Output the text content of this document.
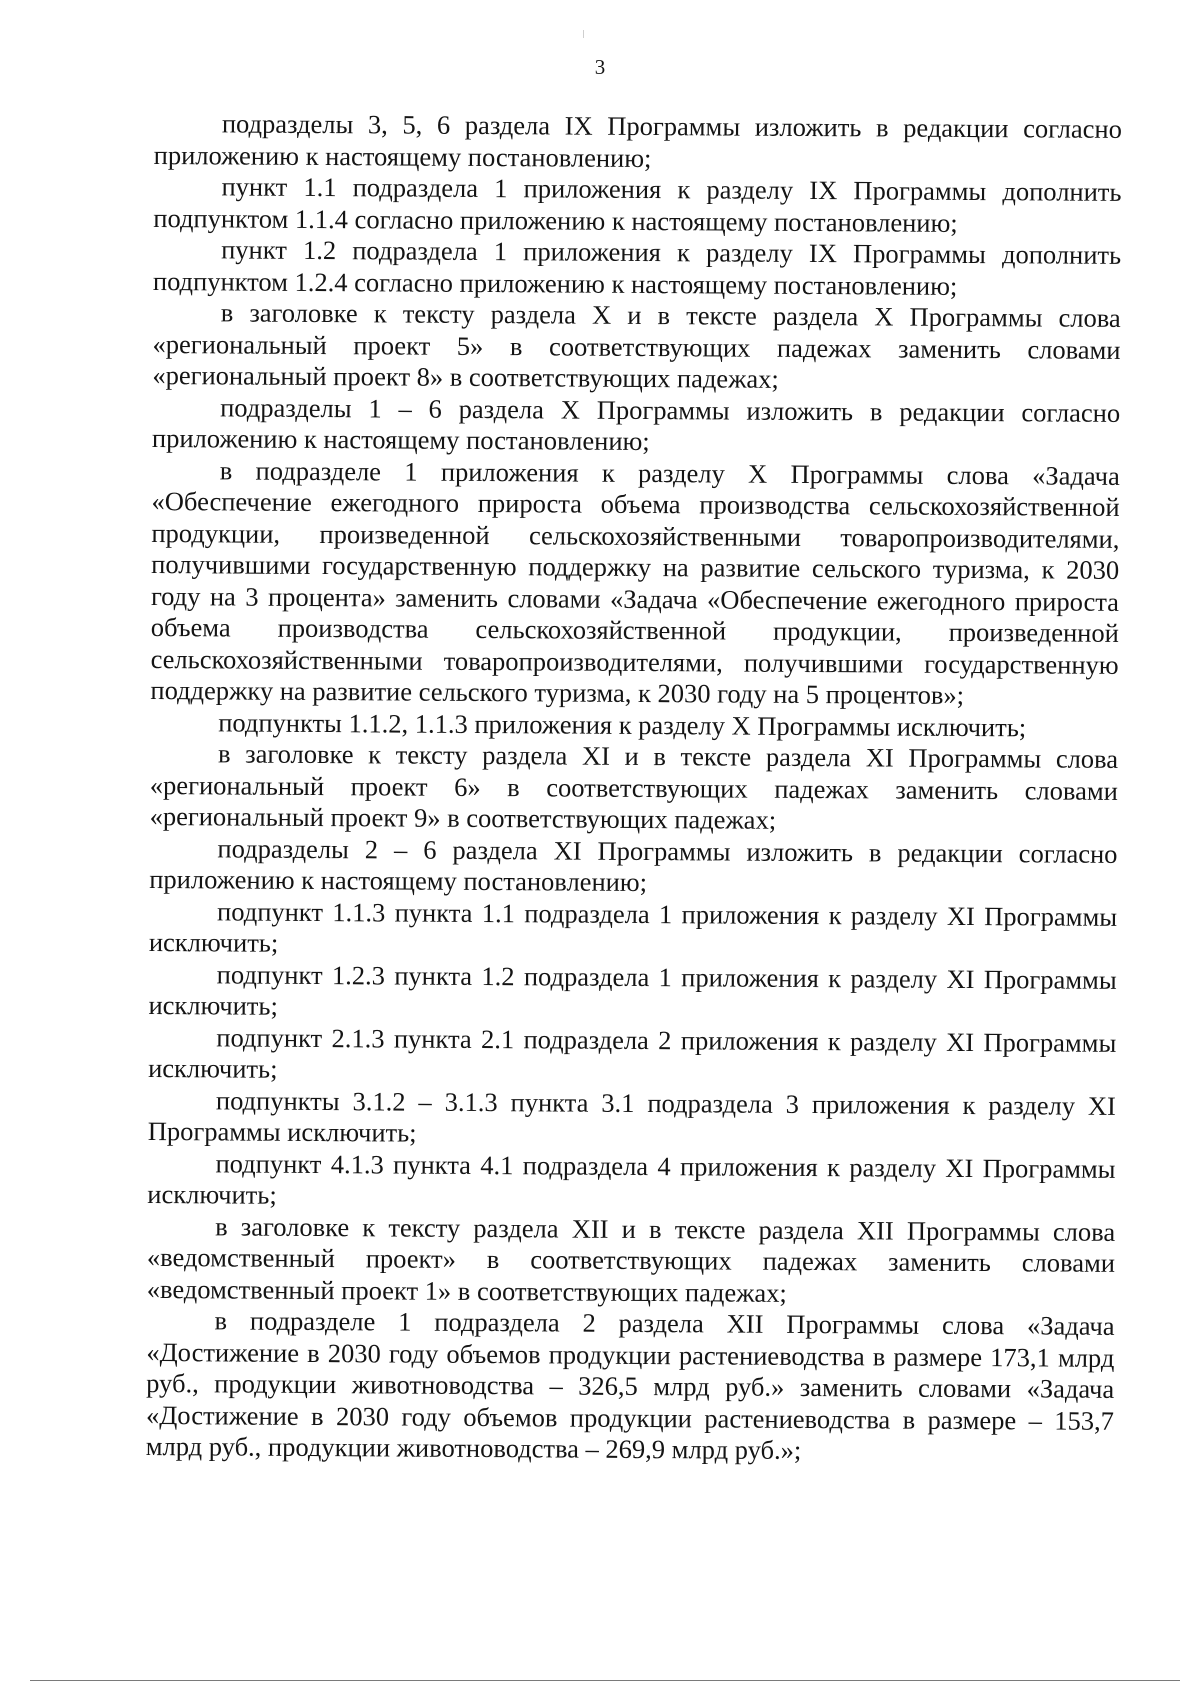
3

подразделы 3, 5, 6 раздела IX Программы изложить в редакции согласно приложению к настоящему постановлению;

пункт 1.1 подраздела 1 приложения к разделу IX Программы дополнить подпунктом 1.1.4 согласно приложению к настоящему постановлению;

пункт 1.2 подраздела 1 приложения к разделу IX Программы дополнить подпунктом 1.2.4 согласно приложению к настоящему постановлению;

в заголовке к тексту раздела X и в тексте раздела X Программы слова «региональный проект 5» в соответствующих падежах заменить словами «региональный проект 8» в соответствующих падежах;

подразделы 1 – 6 раздела X Программы изложить в редакции согласно приложению к настоящему постановлению;

в подразделе 1 приложения к разделу X Программы слова «Задача «Обеспечение ежегодного прироста объема производства сельскохозяйственной продукции, произведенной сельскохозяйственными товаропроизводителями, получившими государственную поддержку на развитие сельского туризма, к 2030 году на 3 процента» заменить словами «Задача «Обеспечение ежегодного прироста объема производства сельскохозяйственной продукции, произведенной сельскохозяйственными товаропроизводителями, получившими государственную поддержку на развитие сельского туризма, к 2030 году на 5 процентов»;

подпункты 1.1.2, 1.1.3 приложения к разделу X Программы исключить;

в заголовке к тексту раздела XI и в тексте раздела XI Программы слова «региональный проект 6» в соответствующих падежах заменить словами «региональный проект 9» в соответствующих падежах;

подразделы 2 – 6 раздела XI Программы изложить в редакции согласно приложению к настоящему постановлению;

подпункт 1.1.3 пункта 1.1 подраздела 1 приложения к разделу XI Программы исключить;

подпункт 1.2.3 пункта 1.2 подраздела 1 приложения к разделу XI Программы исключить;

подпункт 2.1.3 пункта 2.1 подраздела 2 приложения к разделу XI Программы исключить;

подпункты 3.1.2 – 3.1.3 пункта 3.1 подраздела 3 приложения к разделу XI Программы исключить;

подпункт 4.1.3 пункта 4.1 подраздела 4 приложения к разделу XI Программы исключить;

в заголовке к тексту раздела XII и в тексте раздела XII Программы слова «ведомственный проект» в соответствующих падежах заменить словами «ведомственный проект 1» в соответствующих падежах;

в подразделе 1 подраздела 2 раздела XII Программы слова «Задача «Достижение в 2030 году объемов продукции растениеводства в размере 173,1 млрд руб., продукции животноводства – 326,5 млрд руб.» заменить словами «Задача «Достижение в 2030 году объемов продукции растениеводства в размере – 153,7 млрд руб., продукции животноводства – 269,9 млрд руб.»;
